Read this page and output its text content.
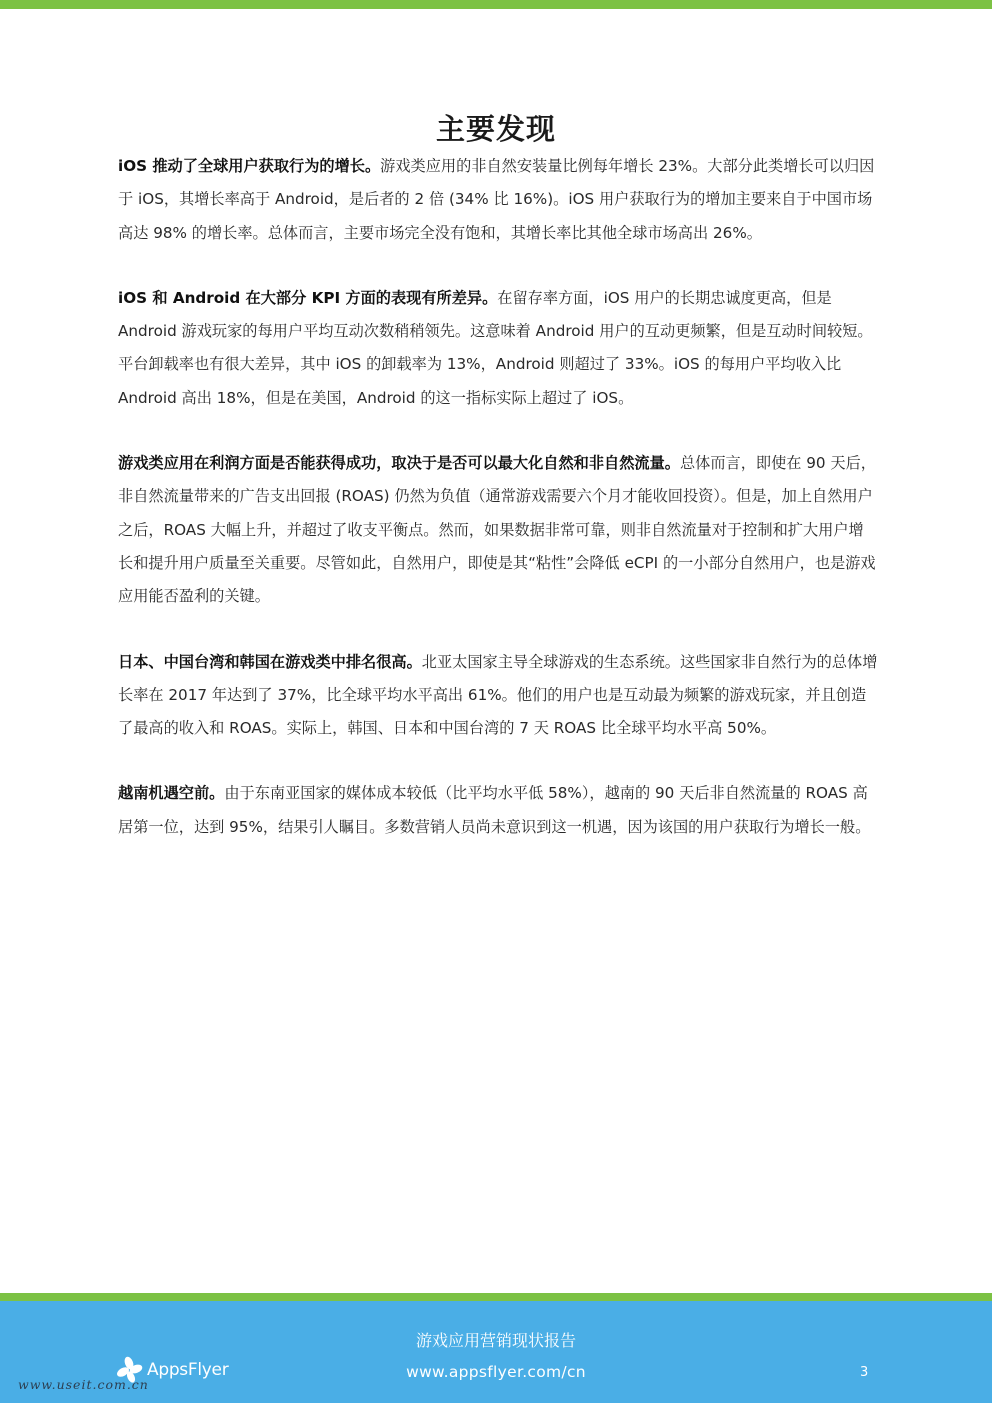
主要发现

iOS 推动了全球用户获取行为的增长。游戏类应用的非自然安装量比例每年增长 23%。大部分此类增长可以归因于 iOS，其增长率高于 Android，是后者的 2 倍 (34% 比 16%)。iOS 用户获取行为的增加主要来自于中国市场高达 98% 的增长率。总体而言，主要市场完全没有饱和，其增长率比其他全球市场高出 26%。

iOS 和 Android 在大部分 KPI 方面的表现有所差异。在留存率方面，iOS 用户的长期忠诚度更高，但是 Android 游戏玩家的每用户平均互动次数稍稍领先。这意味着 Android 用户的互动更频繁，但是互动时间较短。平台卸载率也有很大差异，其中 iOS 的卸载率为 13%，Android 则超过了 33%。iOS 的每用户平均收入比 Android 高出 18%，但是在美国，Android 的这一指标实际上超过了 iOS。

游戏类应用在利润方面是否能获得成功，取决于是否可以最大化自然和非自然流量。总体而言，即使在 90 天后，非自然流量带来的广告支出回报 (ROAS) 仍然为负值（通常游戏需要六个月才能收回投资）。但是，加上自然用户之后，ROAS 大幅上升，并超过了收支平衡点。然而，如果数据非常可靠，则非自然流量对于控制和扩大用户增长和提升用户质量至关重要。尽管如此，自然用户，即使是其“粘性”会降低 eCPI 的一小部分自然用户，也是游戏应用能否盈利的关键。

日本、中国台湾和韩国在游戏类中排名很高。北亚太国家主导全球游戏的生态系统。这些国家非自然行为的总体增长率在 2017 年达到了 37%，比全球平均水平高出 61%。他们的用户也是互动最为频繁的游戏玩家，并且创造了最高的收入和 ROAS。实际上，韩国、日本和中国台湾的 7 天 ROAS 比全球平均水平高 50%。

越南机遇空前。由于东南亚国家的媒体成本较低（比平均水平低 58%），越南的 90 天后非自然流量的 ROAS 高居第一位，达到 95%，结果引人瞩目。多数营销人员尚未意识到这一机遇，因为该国的用户获取行为增长一般。

AppsFlyer
游戏应用营销现状报告
www.appsflyer.com/cn	3
www.useit.com.cn
